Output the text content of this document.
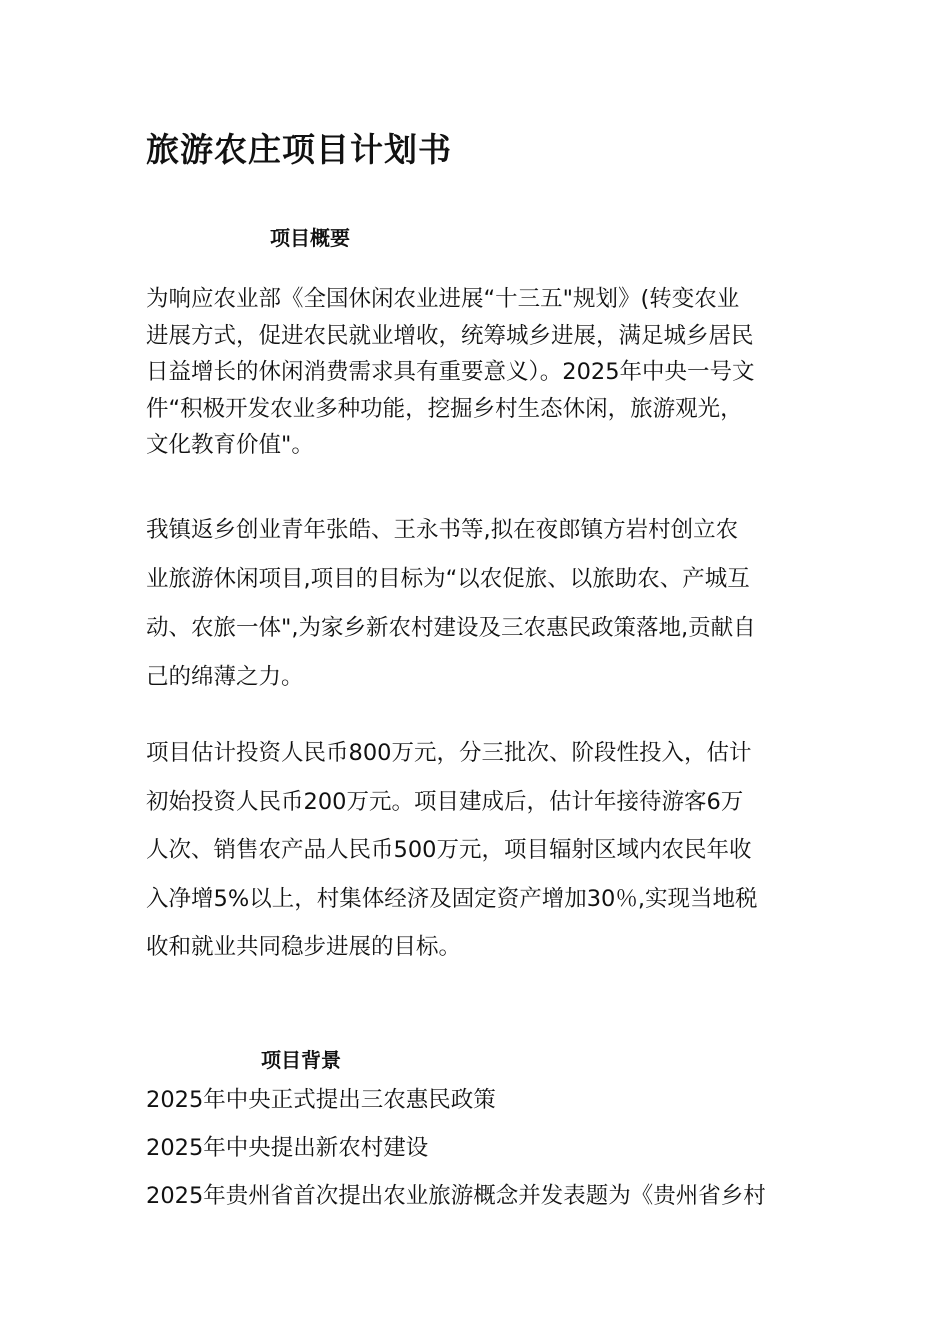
旅游农庄项目计划书
项目概要

为响应农业部《全国休闲农业进展“十三五"规划》(转变农业
进展方式，促进农民就业增收，统筹城乡进展，满足城乡居民
日益增长的休闲消费需求具有重要意义）。2025年中央一号文
件“积极开发农业多种功能，挖掘乡村生态休闲，旅游观光，
文化教育价值"。

我镇返乡创业青年张皓、王永书等,拟在夜郎镇方岩村创立农
业旅游休闲项目,项目的目标为“以农促旅、以旅助农、产城互
动、农旅一体",为家乡新农村建设及三农惠民政策落地,贡献自
己的绵薄之力。

项目估计投资人民币800万元，分三批次、阶段性投入，估计
初始投资人民币200万元。项目建成后，估计年接待游客6万
人次、销售农产品人民币500万元，项目辐射区域内农民年收
入净增5%以上，村集体经济及固定资产增加30％,实现当地税
收和就业共同稳步进展的目标。

项目背景
2025年中央正式提出三农惠民政策
2025年中央提出新农村建设
2025年贵州省首次提出农业旅游概念并发表题为《贵州省乡村
